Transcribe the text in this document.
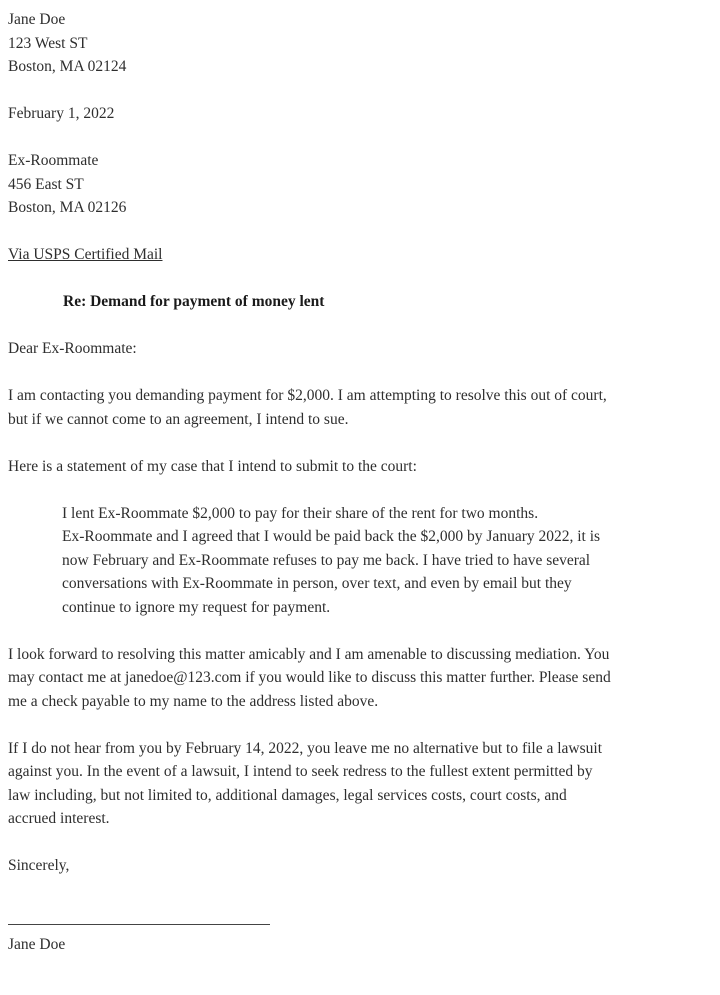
Jane Doe
123 West ST
Boston, MA 02124
February 1, 2022
Ex-Roommate
456 East ST
Boston, MA 02126
Via USPS Certified Mail
Re: Demand for payment of money lent
Dear Ex-Roommate:
I am contacting you demanding payment for $2,000. I am attempting to resolve this out of court,
but if we cannot come to an agreement, I intend to sue.
Here is a statement of my case that I intend to submit to the court:
I lent Ex-Roommate $2,000 to pay for their share of the rent for two months.
Ex-Roommate and I agreed that I would be paid back the $2,000 by January 2022, it is
now February and Ex-Roommate refuses to pay me back. I have tried to have several
conversations with Ex-Roommate in person, over text, and even by email but they
continue to ignore my request for payment.
I look forward to resolving this matter amicably and I am amenable to discussing mediation. You
may contact me at janedoe@123.com if you would like to discuss this matter further. Please send
me a check payable to my name to the address listed above.
If I do not hear from you by February 14, 2022, you leave me no alternative but to file a lawsuit
against you. In the event of a lawsuit, I intend to seek redress to the fullest extent permitted by
law including, but not limited to, additional damages, legal services costs, court costs, and
accrued interest.
Sincerely,
Jane Doe
